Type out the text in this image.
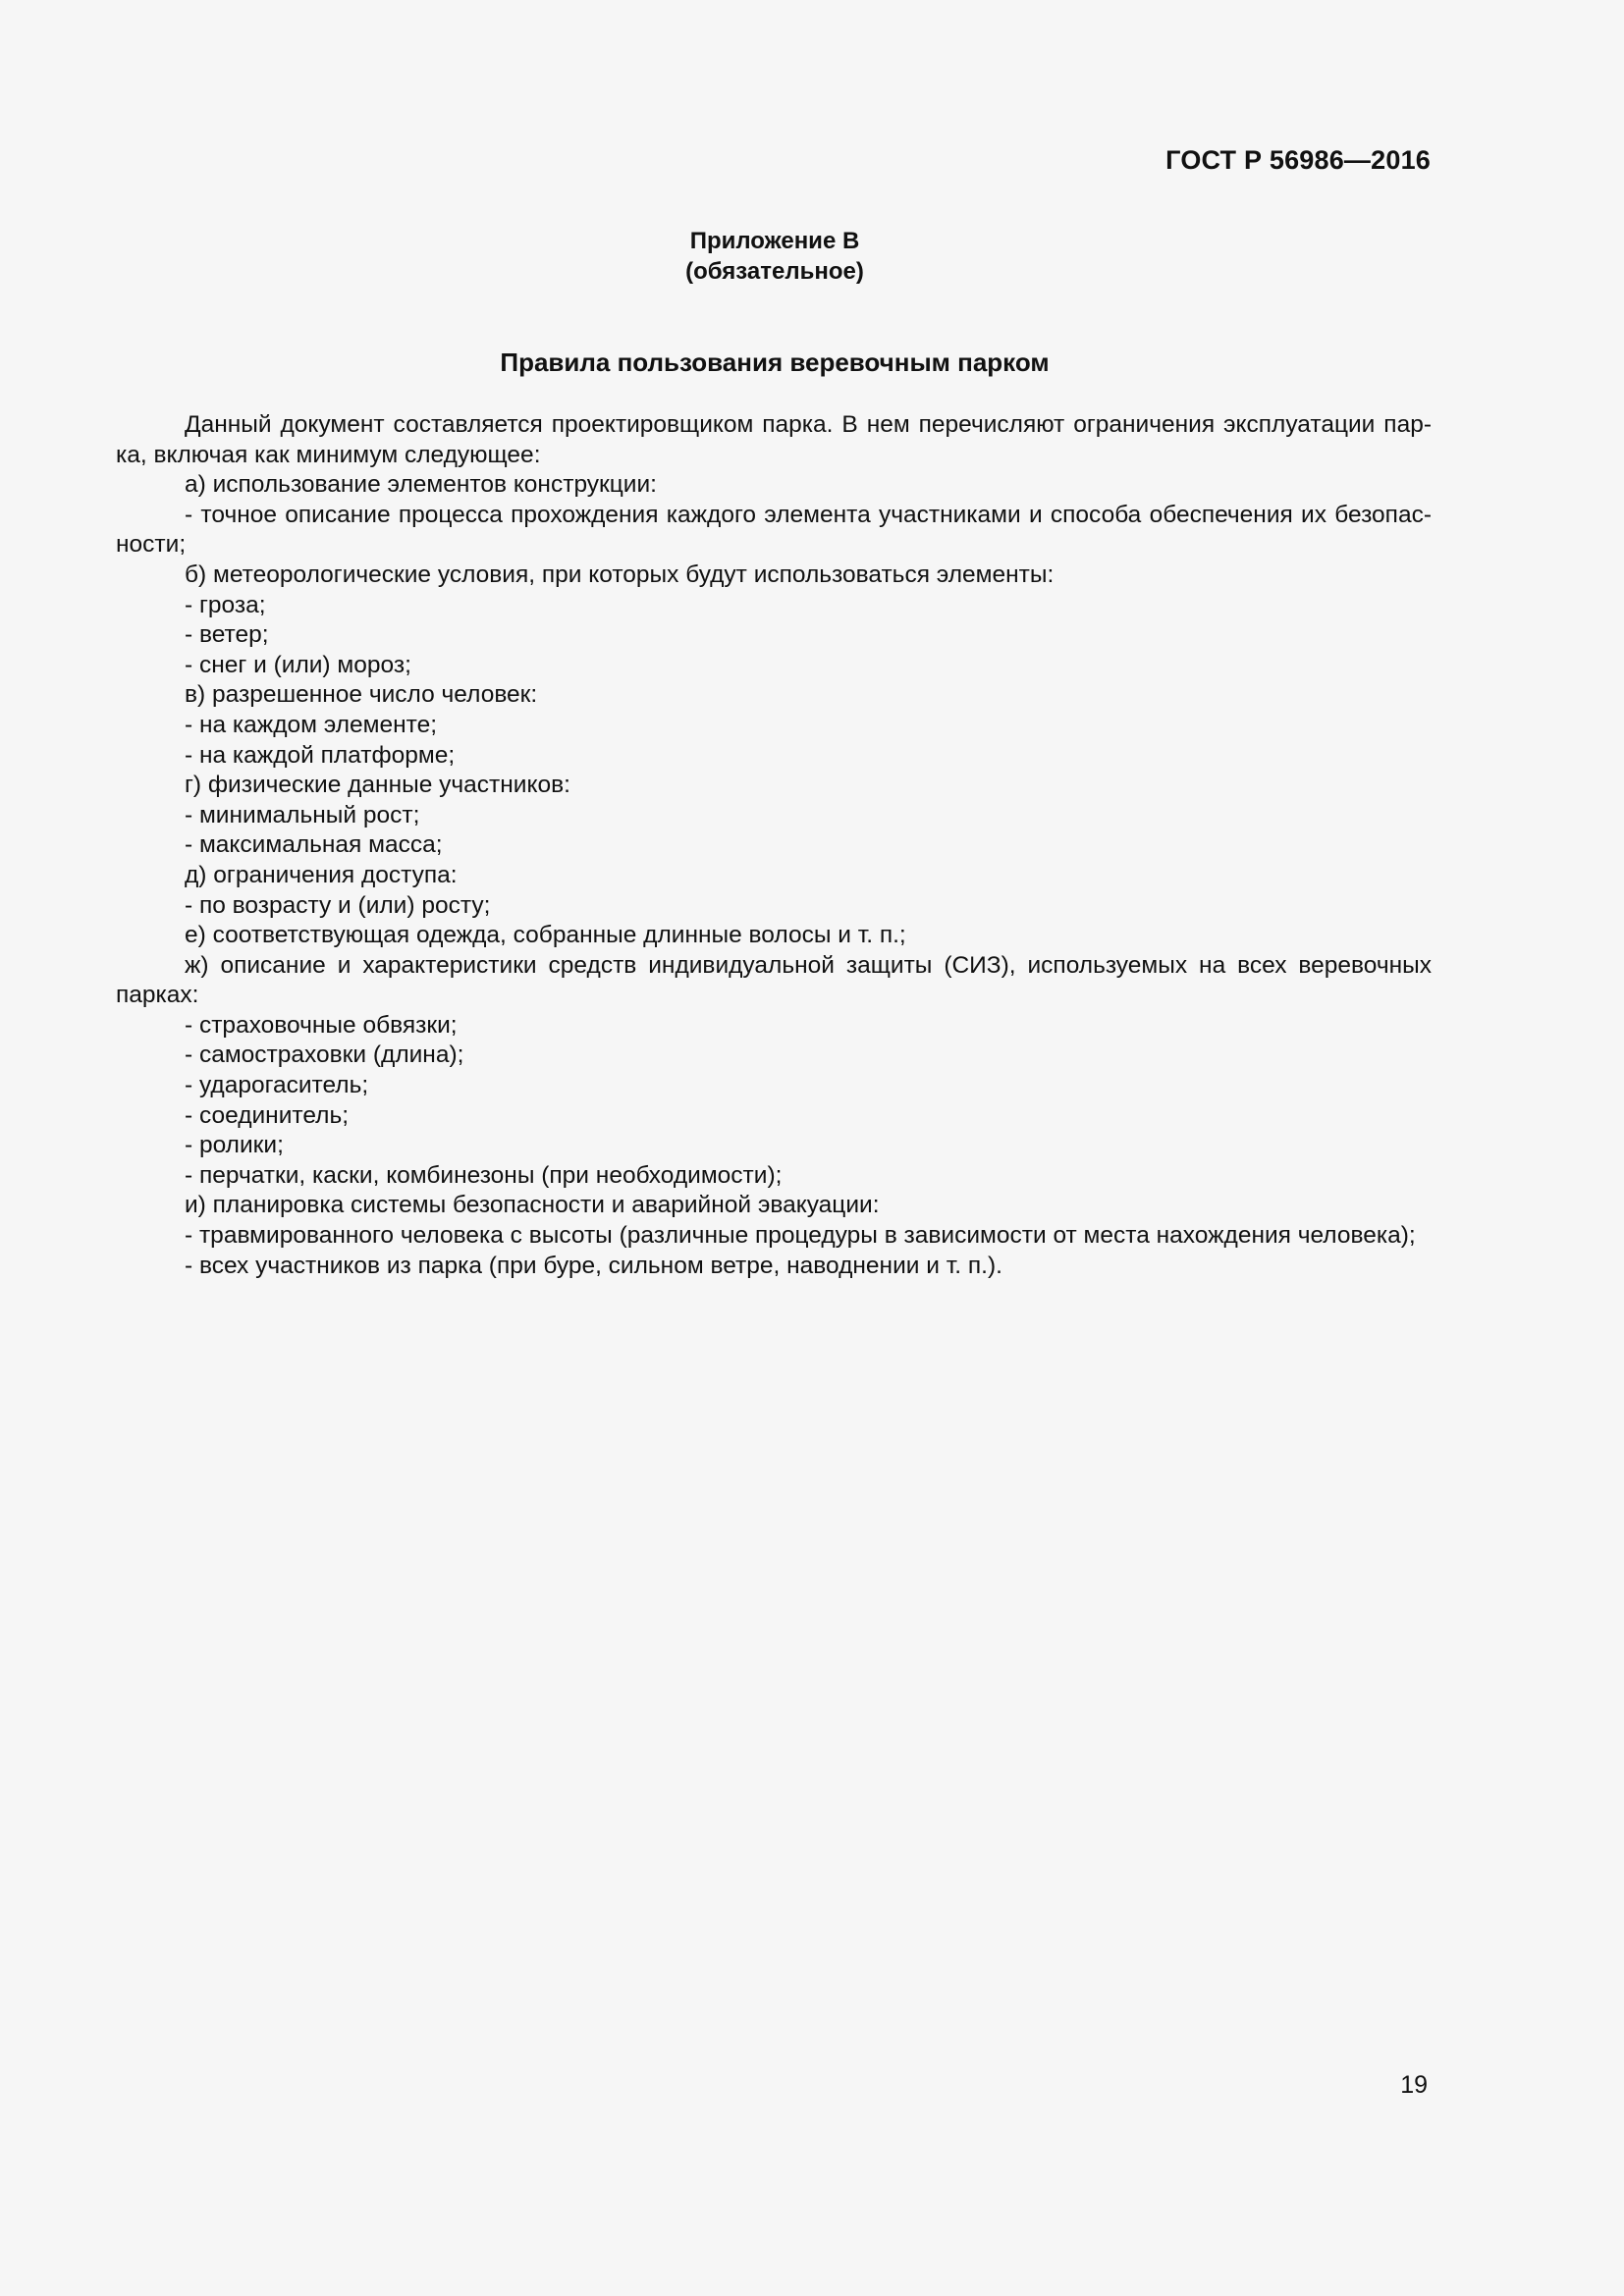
ГОСТ Р 56986—2016
Приложение В
(обязательное)
Правила пользования веревочным парком

Данный документ составляется проектировщиком парка. В нем перечисляют ограничения эксплуатации парка, включая как минимум следующее:

а) использование элементов конструкции:

- точное описание процесса прохождения каждого элемента участниками и способа обеспечения их безопасности;

б) метеорологические условия, при которых будут использоваться элементы:

- гроза;

- ветер;

- снег и (или) мороз;

в) разрешенное число человек:

- на каждом элементе;

- на каждой платформе;

г) физические данные участников:

- минимальный рост;

- максимальная масса;

д) ограничения доступа:

- по возрасту и (или) росту;

е) соответствующая одежда, собранные длинные волосы и т. п.;

ж) описание и характеристики средств индивидуальной защиты (СИЗ), используемых на всех веревочных парках:

- страховочные обвязки;

- самостраховки (длина);

- ударогаситель;

- соединитель;

- ролики;

- перчатки, каски, комбинезоны (при необходимости);

и) планировка системы безопасности и аварийной эвакуации:

- травмированного человека с высоты (различные процедуры в зависимости от места нахождения человека);

- всех участников из парка (при буре, сильном ветре, наводнении и т. п.).

19
